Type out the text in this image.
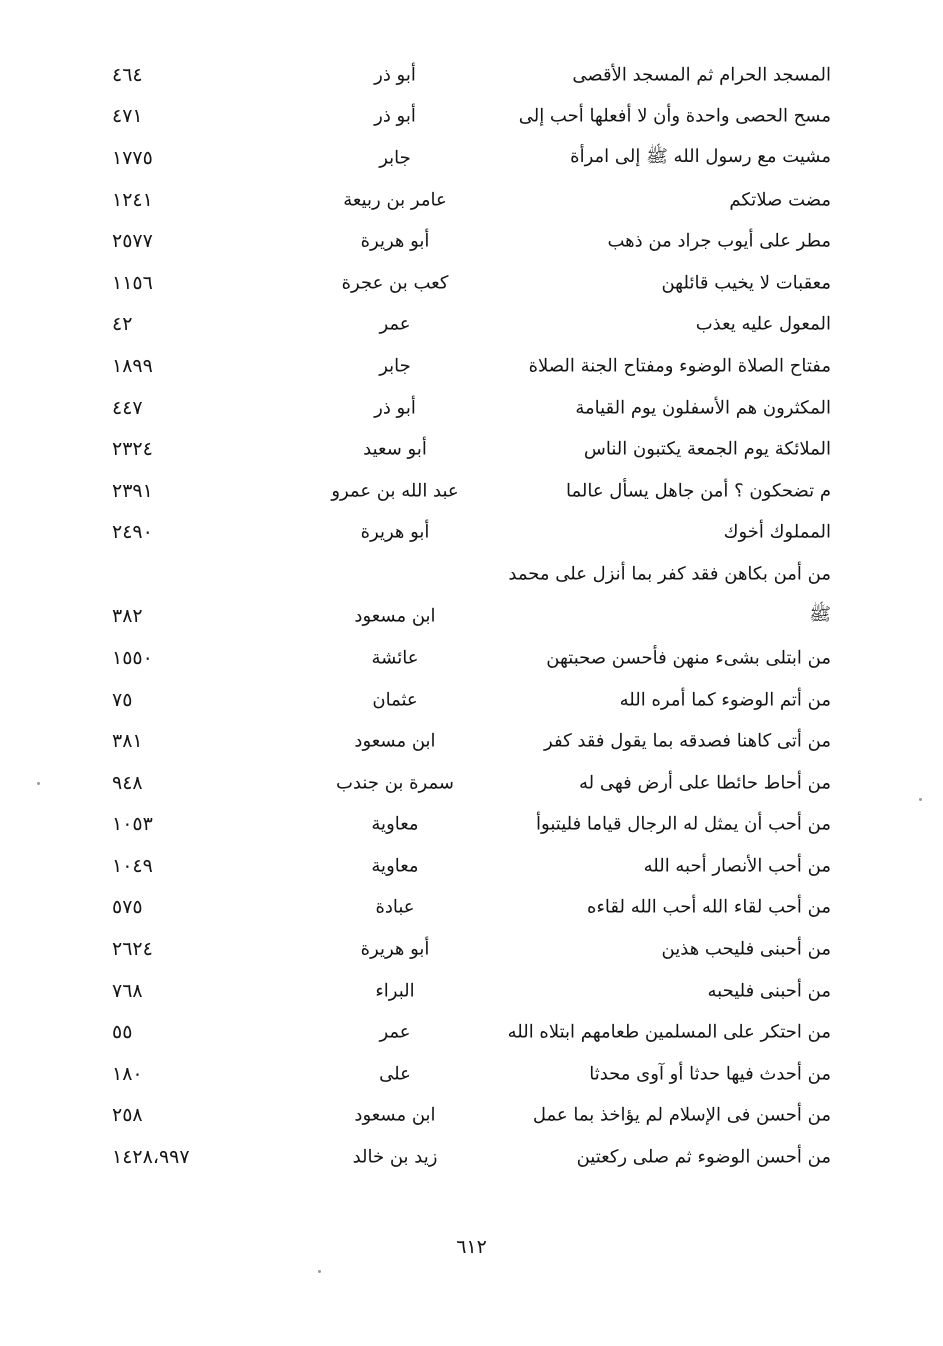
المسجد الحرام ثم المسجد الأقصى
أبو ذر
٤٦٤
مسح الحصى واحدة وأن لا أفعلها أحب إلى
أبو ذر
٤٧١
مشيت مع رسول الله ﷺ إلى امرأة
جابر
١٧٧٥
مضت صلاتكم
عامر بن ربيعة
١٢٤١
مطر على أيوب جراد من ذهب
أبو هريرة
٢٥٧٧
معقبات لا يخيب قائلهن
كعب بن عجرة
١١٥٦
المعول عليه يعذب
عمر
٤٢
مفتاح الصلاة الوضوء ومفتاح الجنة الصلاة
جابر
١٨٩٩
المكثرون هم الأسفلون يوم القيامة
أبو ذر
٤٤٧
الملائكة يوم الجمعة يكتبون الناس
أبو سعيد
٢٣٢٤
م تضحكون ؟ أمن جاهل يسأل عالما
عبد الله بن عمرو
٢٣٩١
المملوك أخوك
أبو هريرة
٢٤٩٠
من أمن بكاهن فقد كفر بما أنزل على محمد
ﷺ
ابن مسعود
٣٨٢
من ابتلى بشىء منهن فأحسن صحبتهن
عائشة
١٥٥٠
من أتم الوضوء كما أمره الله
عثمان
٧٥
من أتى كاهنا فصدقه بما يقول فقد كفر
ابن مسعود
٣٨١
من أحاط حائطا على أرض فهى له
سمرة بن جندب
٩٤٨
من أحب أن يمثل له الرجال قياما فليتبوأ
معاوية
١٠٥٣
من أحب الأنصار أحبه الله
معاوية
١٠٤٩
من أحب لقاء الله أحب الله لقاءه
عبادة
٥٧٥
من أحبنى فليحب هذين
أبو هريرة
٢٦٢٤
من أحبنى فليحبه
البراء
٧٦٨
من احتكر على المسلمين طعامهم ابتلاه الله
عمر
٥٥
من أحدث فيها حدثا أو آوى محدثا
على
١٨٠
من أحسن فى الإسلام لم يؤاخذ بما عمل
ابن مسعود
٢٥٨
من أحسن الوضوء ثم صلى ركعتين
زيد بن خالد
١٤٢٨،٩٩٧
٦١٢
